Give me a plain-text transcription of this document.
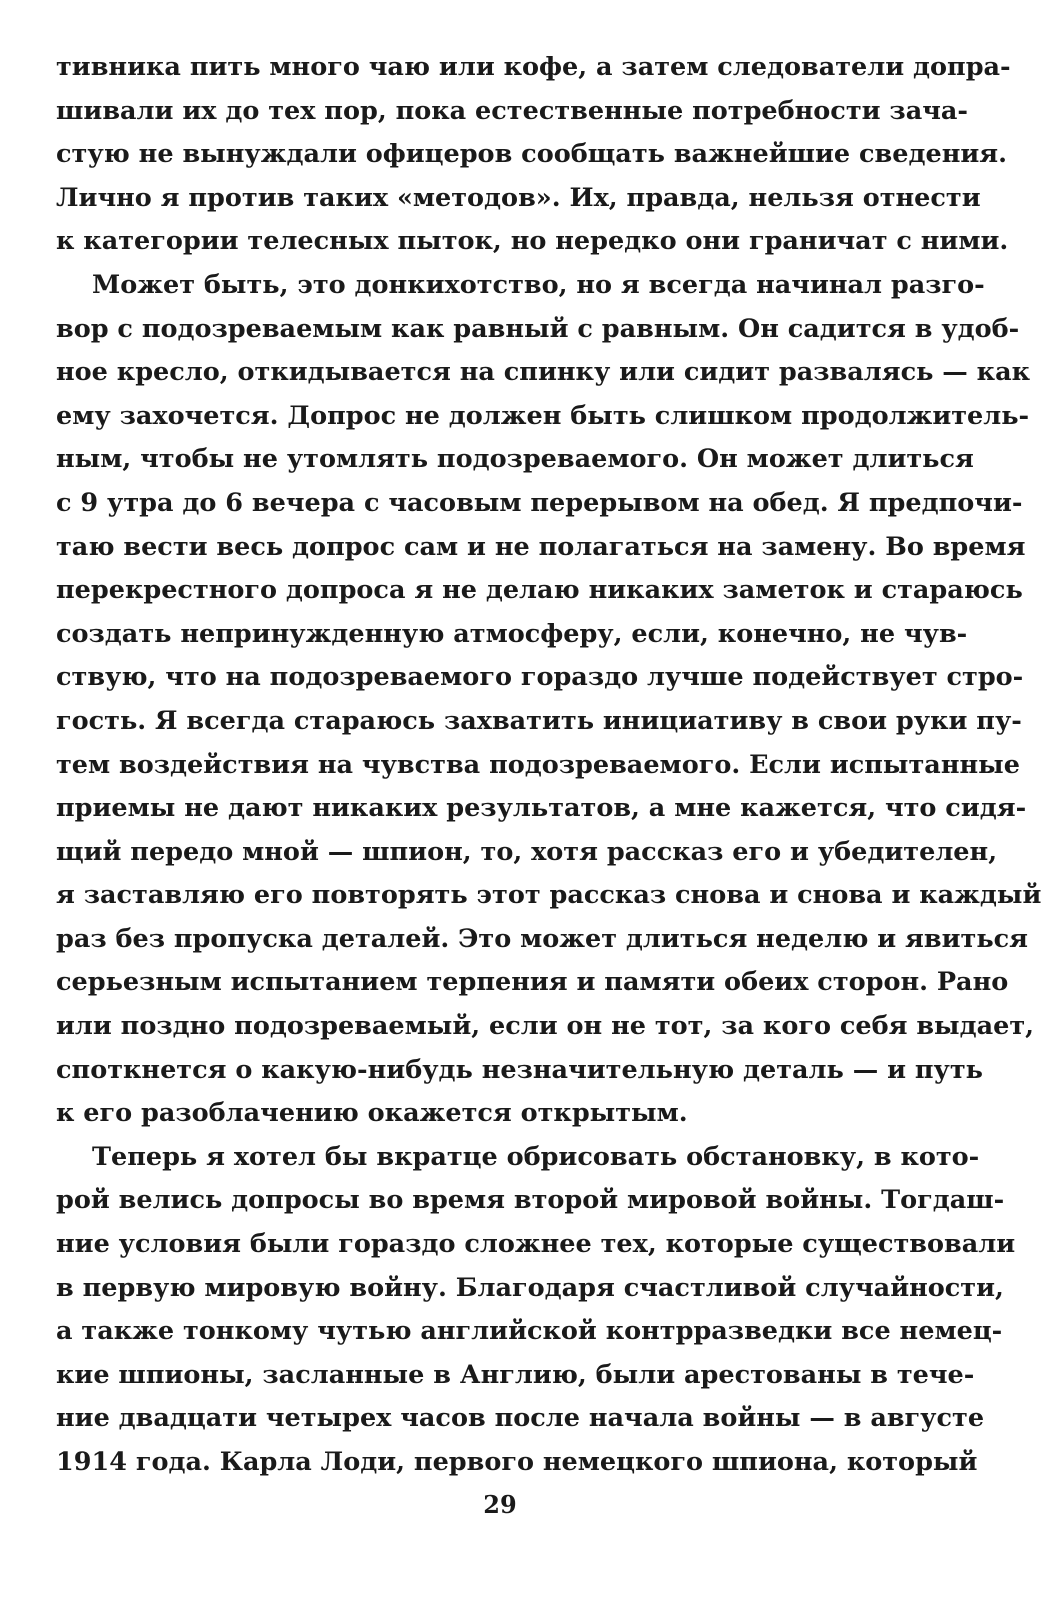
тивника пить много чаю или кофе, а затем следователи допра-
шивали их до тех пор, пока естественные потребности зача-
стую не вынуждали офицеров сообщать важнейшие сведения.
Лично я против таких «методов». Их, правда, нельзя отнести
к категории телесных пыток, но нередко они граничат с ними.
Может быть, это донкихотство, но я всегда начинал разго-
вор с подозреваемым как равный с равным. Он садится в удоб-
ное кресло, откидывается на спинку или сидит развалясь — как
ему захочется. Допрос не должен быть слишком продолжитель-
ным, чтобы не утомлять подозреваемого. Он может длиться
с 9 утра до 6 вечера с часовым перерывом на обед. Я предпочи-
таю вести весь допрос сам и не полагаться на замену. Во время
перекрестного допроса я не делаю никаких заметок и стараюсь
создать непринужденную атмосферу, если, конечно, не чув-
ствую, что на подозреваемого гораздо лучше подействует стро-
гость. Я всегда стараюсь захватить инициативу в свои руки пу-
тем воздействия на чувства подозреваемого. Если испытанные
приемы не дают никаких результатов, а мне кажется, что сидя-
щий передо мной — шпион, то, хотя рассказ его и убедителен,
я заставляю его повторять этот рассказ снова и снова и каждый
раз без пропуска деталей. Это может длиться неделю и явиться
серьезным испытанием терпения и памяти обеих сторон. Рано
или поздно подозреваемый, если он не тот, за кого себя выдает,
споткнется о какую-нибудь незначительную деталь — и путь
к его разоблачению окажется открытым.
Теперь я хотел бы вкратце обрисовать обстановку, в кото-
рой велись допросы во время второй мировой войны. Тогдаш-
ние условия были гораздо сложнее тех, которые существовали
в первую мировую войну. Благодаря счастливой случайности,
а также тонкому чутью английской контрразведки все немец-
кие шпионы, засланные в Англию, были арестованы в тече-
ние двадцати четырех часов после начала войны — в августе
1914 года. Карла Лоди, первого немецкого шпиона, который
29
